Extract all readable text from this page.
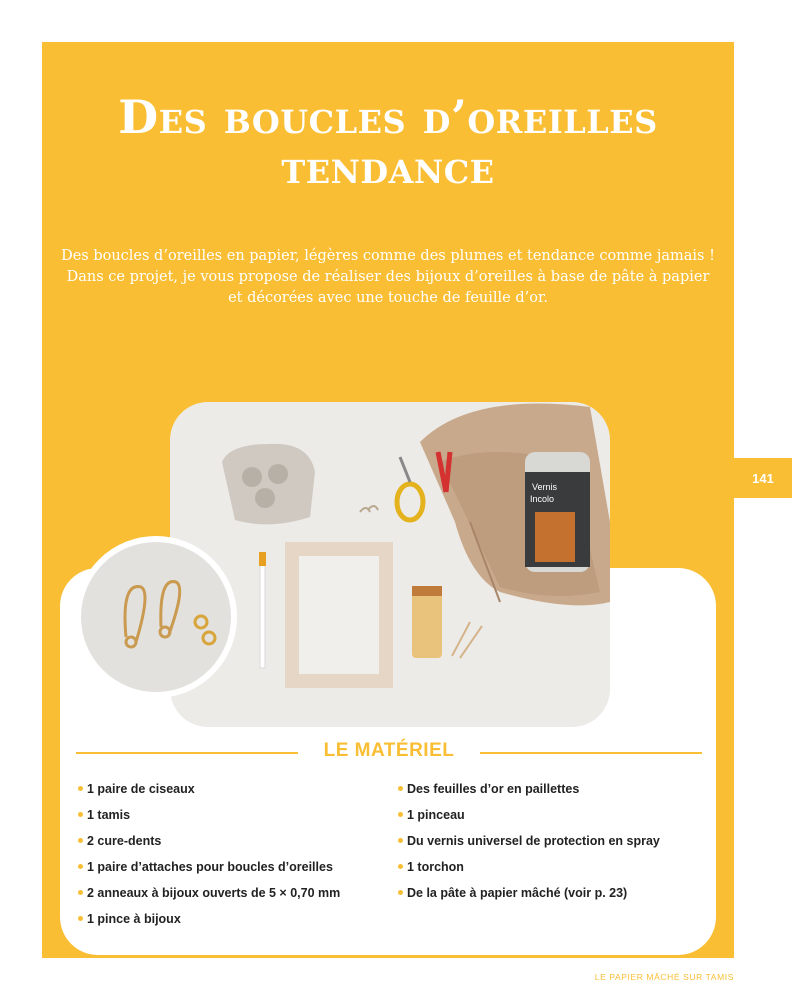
Des boucles d’oreilles
tendance

Des boucles d’oreilles en papier, légères comme des plumes et tendance comme jamais ! Dans ce projet, je vous propose de réaliser des bijoux d’oreilles à base de pâte à papier et décorées avec une touche de feuille d’or.

141
Vernis
Incolo
LE MATÉRIEL
1 paire de ciseaux
1 tamis
2 cure-dents
1 paire d’attaches pour boucles d’oreilles
2 anneaux à bijoux ouverts de 5 × 0,70 mm
1 pince à bijoux
Des feuilles d’or en paillettes
1 pinceau
Du vernis universel de protection en spray
1 torchon
De la pâte à papier mâché (voir p. 23)
LE PAPIER MÂCHÉ SUR TAMIS
